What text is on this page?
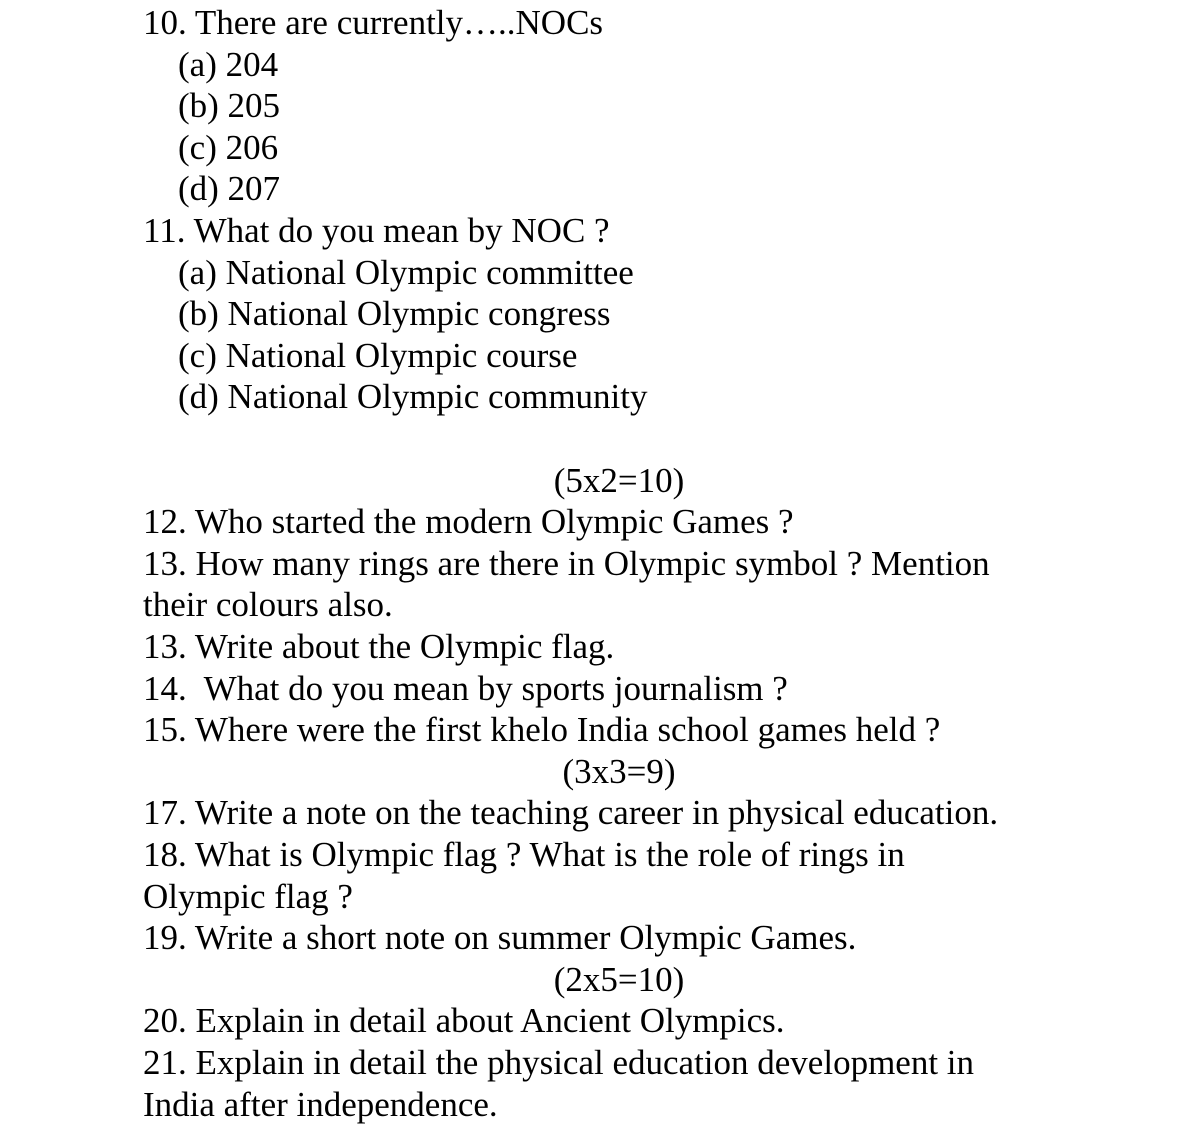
10. There are currently…..NOCs
(a) 204
(b) 205
(c) 206
(d) 207
11. What do you mean by NOC ?
(a) National Olympic committee
(b) National Olympic congress
(c) National Olympic course
(d) National Olympic community
(5x2=10)
12. Who started the modern Olympic Games ?
13. How many rings are there in Olympic symbol ? Mention
their colours also.
13. Write about the Olympic flag.
14.  What do you mean by sports journalism ?
15. Where were the first khelo India school games held ?
(3x3=9)
17. Write a note on the teaching career in physical education.
18. What is Olympic flag ? What is the role of rings in
Olympic flag ?
19. Write a short note on summer Olympic Games.
(2x5=10)
20. Explain in detail about Ancient Olympics.
21. Explain in detail the physical education development in
India after independence.
